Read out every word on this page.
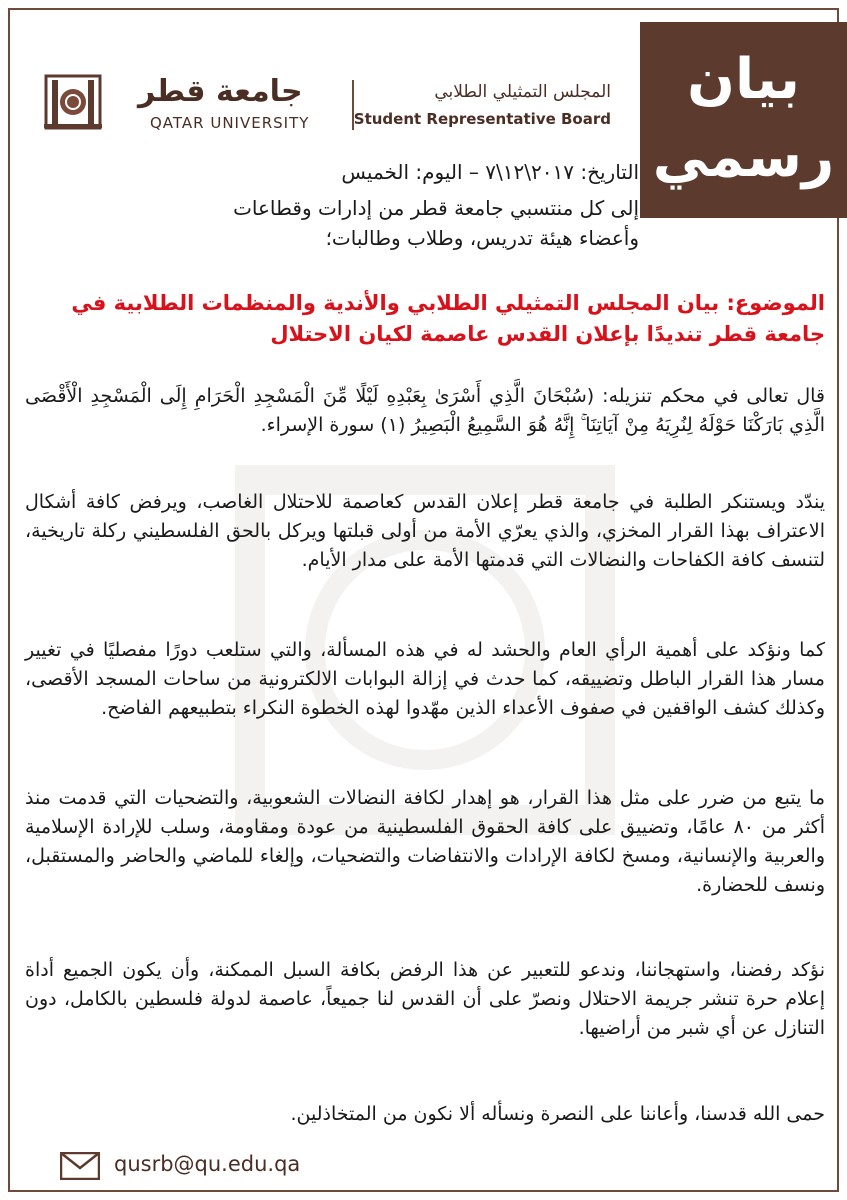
بيان
رسمي
جامعة قطر
QATAR UNIVERSITY
المجلس التمثيلي الطلابي
Student Representative Board
التاريخ: ٢٠١٧\١٢\٧ – اليوم: الخميس
إلى كل منتسبي جامعة قطر من إدارات وقطاعات
وأعضاء هيئة تدريس، وطلاب وطالبات؛
الموضوع: بيان المجلس التمثيلي الطلابي والأندية والمنظمات الطلابية في جامعة قطر تنديدًا بإعلان القدس عاصمة لكيان الاحتلال
قال تعالى في محكم تنزيله: (سُبْحَانَ الَّذِي أَسْرَىٰ بِعَبْدِهِ لَيْلًا مِّنَ الْمَسْجِدِ الْحَرَامِ إِلَى الْمَسْجِدِ الْأَقْصَى الَّذِي بَارَكْنَا حَوْلَهُ لِنُرِيَهُ مِنْ آيَاتِنَا ۚ إِنَّهُ هُوَ السَّمِيعُ الْبَصِيرُ (١) سورة الإسراء.
يندّد ويستنكر الطلبة في جامعة قطر إعلان القدس كعاصمة للاحتلال الغاصب، ويرفض كافة أشكال الاعتراف بهذا القرار المخزي، والذي يعرّي الأمة من أولى قبلتها ويركل بالحق الفلسطيني ركلة تاريخية، لتنسف كافة الكفاحات والنضالات التي قدمتها الأمة على مدار الأيام.
كما ونؤكد على أهمية الرأي العام والحشد له في هذه المسألة، والتي ستلعب دورًا مفصليًا في تغيير مسار هذا القرار الباطل وتضييقه، كما حدث في إزالة البوابات الالكترونية من ساحات المسجد الأقصى، وكذلك كشف الواقفين في صفوف الأعداء الذين مهّدوا لهذه الخطوة النكراء بتطبيعهم الفاضح.
ما يتبع من ضرر على مثل هذا القرار، هو إهدار لكافة النضالات الشعوبية، والتضحيات التي قدمت منذ أكثر من ٨٠ عامًا، وتضييق على كافة الحقوق الفلسطينية من عودة ومقاومة، وسلب للإرادة الإسلامية والعربية والإنسانية، ومسخ لكافة الإرادات والانتفاضات والتضحيات، وإلغاء للماضي والحاضر والمستقبل، ونسف للحضارة.
نؤكد رفضنا، واستهجاننا، وندعو للتعبير عن هذا الرفض بكافة السبل الممكنة، وأن يكون الجميع أداة إعلام حرة تنشر جريمة الاحتلال ونصرّ على أن القدس لنا جميعاً، عاصمة لدولة فلسطين بالكامل، دون التنازل عن أي شبر من أراضيها.
حمى الله قدسنا، وأعاننا على النصرة ونسأله ألا نكون من المتخاذلين.
qusrb@qu.edu.qa
